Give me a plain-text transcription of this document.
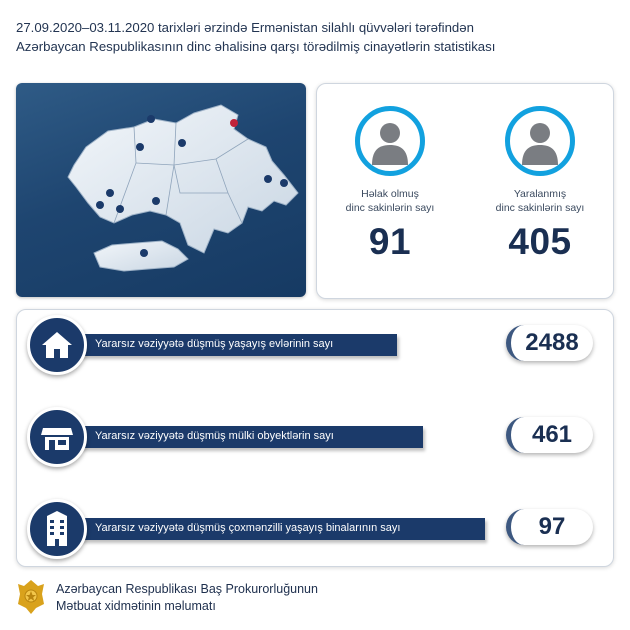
27.09.2020–03.11.2020 tarixləri ərzində Ermənistan silahlı qüvvələri tərəfindən
Azərbaycan Respublikasının dinc əhalisinə qarşı törədilmiş cinayətlərin statistikası
Həlak olmuş
dinc sakinlərin sayı
91
Yaralanmış
dinc sakinlərin sayı
405
Yararsız vəziyyətə düşmüş yaşayış evlərinin sayı	2488
Yararsız vəziyyətə düşmüş mülki obyektlərin sayı	461
Yararsız vəziyyətə düşmüş çoxmənzilli yaşayış binalarının sayı	97
Azərbaycan Respublikası Baş Prokurorluğunun
Mətbuat xidmətinin məlumatı
